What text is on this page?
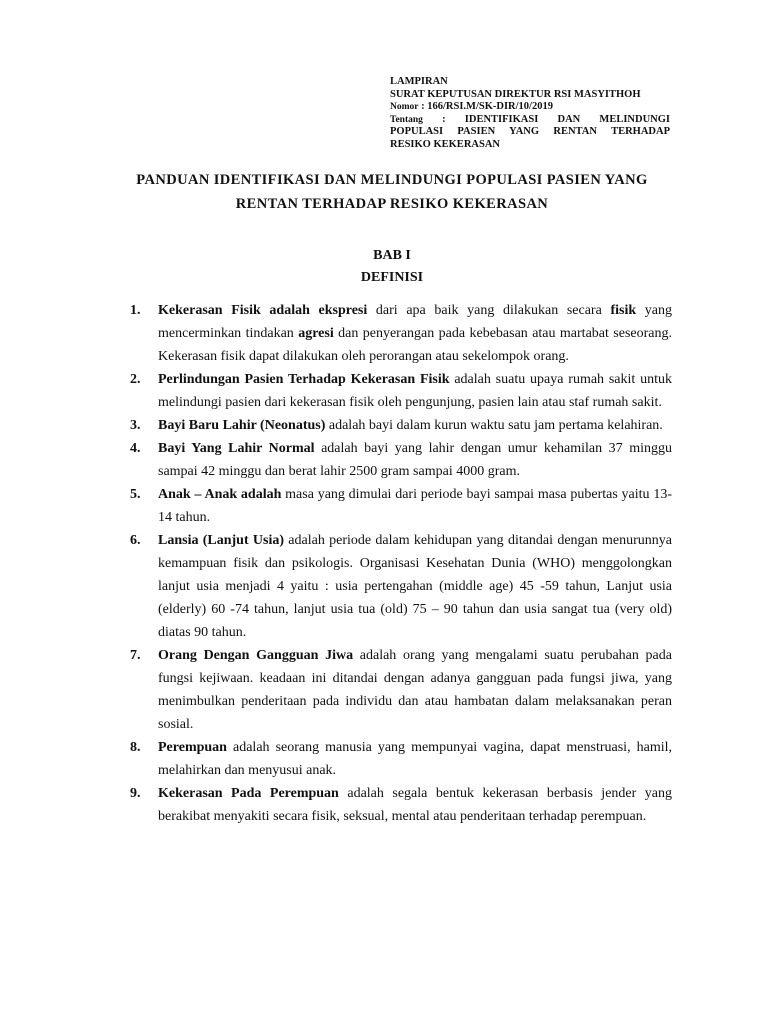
LAMPIRAN
SURAT KEPUTUSAN DIREKTUR RSI MASYITHOH
Nomor : 166/RSI.M/SK-DIR/10/2019
Tentang : IDENTIFIKASI DAN MELINDUNGI
POPULASI PASIEN YANG RENTAN TERHADAP
RESIKO KEKERASAN
PANDUAN IDENTIFIKASI DAN MELINDUNGI POPULASI PASIEN YANG
RENTAN TERHADAP RESIKO KEKERASAN
BAB I
DEFINISI
1. Kekerasan Fisik adalah ekspresi dari apa baik yang dilakukan secara fisik yang mencerminkan tindakan agresi dan penyerangan pada kebebasan atau martabat seseorang. Kekerasan fisik dapat dilakukan oleh perorangan atau sekelompok orang.
2. Perlindungan Pasien Terhadap Kekerasan Fisik adalah suatu upaya rumah sakit untuk melindungi pasien dari kekerasan fisik oleh pengunjung, pasien lain atau staf rumah sakit.
3. Bayi Baru Lahir (Neonatus) adalah bayi dalam kurun waktu satu jam pertama kelahiran.
4. Bayi Yang Lahir Normal adalah bayi yang lahir dengan umur kehamilan 37 minggu sampai 42 minggu dan berat lahir 2500 gram sampai 4000 gram.
5. Anak – Anak adalah masa yang dimulai dari periode bayi sampai masa pubertas yaitu 13-14 tahun.
6. Lansia (Lanjut Usia) adalah periode dalam kehidupan yang ditandai dengan menurunnya kemampuan fisik dan psikologis. Organisasi Kesehatan Dunia (WHO) menggolongkan lanjut usia menjadi 4 yaitu : usia pertengahan (middle age) 45 -59 tahun, Lanjut usia (elderly) 60 -74 tahun, lanjut usia tua (old) 75 – 90 tahun dan usia sangat tua (very old) diatas 90 tahun.
7. Orang Dengan Gangguan Jiwa adalah orang yang mengalami suatu perubahan pada fungsi kejiwaan. keadaan ini ditandai dengan adanya gangguan pada fungsi jiwa, yang menimbulkan penderitaan pada individu dan atau hambatan dalam melaksanakan peran sosial.
8. Perempuan adalah seorang manusia yang mempunyai vagina, dapat menstruasi, hamil, melahirkan dan menyusui anak.
9. Kekerasan Pada Perempuan adalah segala bentuk kekerasan berbasis jender yang berakibat menyakiti secara fisik, seksual, mental atau penderitaan terhadap perempuan.
